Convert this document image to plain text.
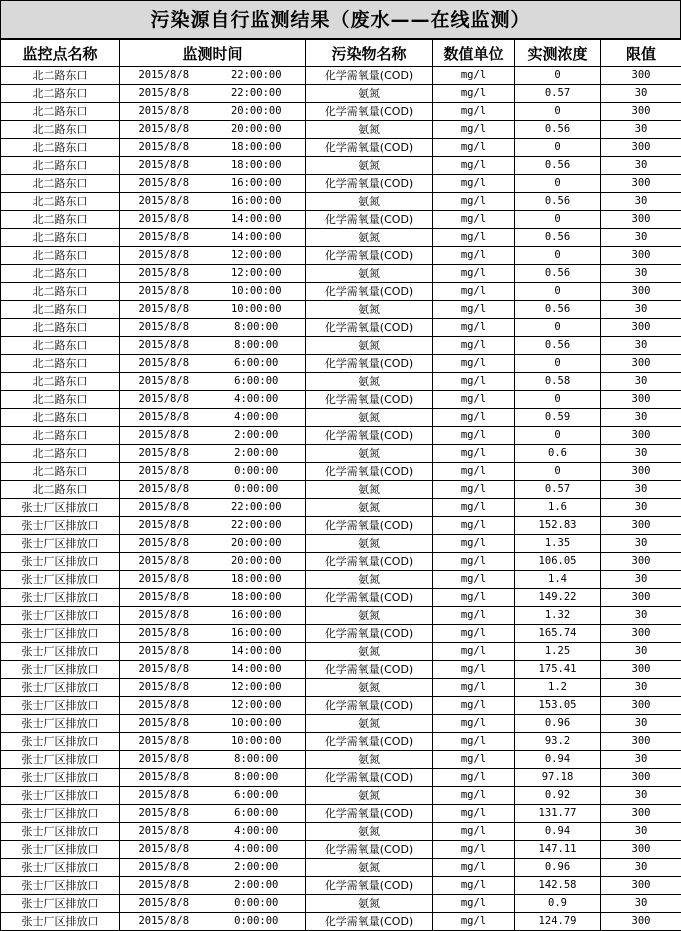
污染源自行监测结果（废水——在线监测）
监控点名称	监测时间		污染物名称	数值单位	实测浓度	限值
北二路东口	2015/8/8	22:00:00	化学需氧量(COD)	mg/l	0	300
北二路东口	2015/8/8	22:00:00	氨氮	mg/l	0.57	30
北二路东口	2015/8/8	20:00:00	化学需氧量(COD)	mg/l	0	300
北二路东口	2015/8/8	20:00:00	氨氮	mg/l	0.56	30
北二路东口	2015/8/8	18:00:00	化学需氧量(COD)	mg/l	0	300
北二路东口	2015/8/8	18:00:00	氨氮	mg/l	0.56	30
北二路东口	2015/8/8	16:00:00	化学需氧量(COD)	mg/l	0	300
北二路东口	2015/8/8	16:00:00	氨氮	mg/l	0.56	30
北二路东口	2015/8/8	14:00:00	化学需氧量(COD)	mg/l	0	300
北二路东口	2015/8/8	14:00:00	氨氮	mg/l	0.56	30
北二路东口	2015/8/8	12:00:00	化学需氧量(COD)	mg/l	0	300
北二路东口	2015/8/8	12:00:00	氨氮	mg/l	0.56	30
北二路东口	2015/8/8	10:00:00	化学需氧量(COD)	mg/l	0	300
北二路东口	2015/8/8	10:00:00	氨氮	mg/l	0.56	30
北二路东口	2015/8/8	8:00:00	化学需氧量(COD)	mg/l	0	300
北二路东口	2015/8/8	8:00:00	氨氮	mg/l	0.56	30
北二路东口	2015/8/8	6:00:00	化学需氧量(COD)	mg/l	0	300
北二路东口	2015/8/8	6:00:00	氨氮	mg/l	0.58	30
北二路东口	2015/8/8	4:00:00	化学需氧量(COD)	mg/l	0	300
北二路东口	2015/8/8	4:00:00	氨氮	mg/l	0.59	30
北二路东口	2015/8/8	2:00:00	化学需氧量(COD)	mg/l	0	300
北二路东口	2015/8/8	2:00:00	氨氮	mg/l	0.6	30
北二路东口	2015/8/8	0:00:00	化学需氧量(COD)	mg/l	0	300
北二路东口	2015/8/8	0:00:00	氨氮	mg/l	0.57	30
张士厂区排放口	2015/8/8	22:00:00	氨氮	mg/l	1.6	30
张士厂区排放口	2015/8/8	22:00:00	化学需氧量(COD)	mg/l	152.83	300
张士厂区排放口	2015/8/8	20:00:00	氨氮	mg/l	1.35	30
张士厂区排放口	2015/8/8	20:00:00	化学需氧量(COD)	mg/l	106.05	300
张士厂区排放口	2015/8/8	18:00:00	氨氮	mg/l	1.4	30
张士厂区排放口	2015/8/8	18:00:00	化学需氧量(COD)	mg/l	149.22	300
张士厂区排放口	2015/8/8	16:00:00	氨氮	mg/l	1.32	30
张士厂区排放口	2015/8/8	16:00:00	化学需氧量(COD)	mg/l	165.74	300
张士厂区排放口	2015/8/8	14:00:00	氨氮	mg/l	1.25	30
张士厂区排放口	2015/8/8	14:00:00	化学需氧量(COD)	mg/l	175.41	300
张士厂区排放口	2015/8/8	12:00:00	氨氮	mg/l	1.2	30
张士厂区排放口	2015/8/8	12:00:00	化学需氧量(COD)	mg/l	153.05	300
张士厂区排放口	2015/8/8	10:00:00	氨氮	mg/l	0.96	30
张士厂区排放口	2015/8/8	10:00:00	化学需氧量(COD)	mg/l	93.2	300
张士厂区排放口	2015/8/8	8:00:00	氨氮	mg/l	0.94	30
张士厂区排放口	2015/8/8	8:00:00	化学需氧量(COD)	mg/l	97.18	300
张士厂区排放口	2015/8/8	6:00:00	氨氮	mg/l	0.92	30
张士厂区排放口	2015/8/8	6:00:00	化学需氧量(COD)	mg/l	131.77	300
张士厂区排放口	2015/8/8	4:00:00	氨氮	mg/l	0.94	30
张士厂区排放口	2015/8/8	4:00:00	化学需氧量(COD)	mg/l	147.11	300
张士厂区排放口	2015/8/8	2:00:00	氨氮	mg/l	0.96	30
张士厂区排放口	2015/8/8	2:00:00	化学需氧量(COD)	mg/l	142.58	300
张士厂区排放口	2015/8/8	0:00:00	氨氮	mg/l	0.9	30
张士厂区排放口	2015/8/8	0:00:00	化学需氧量(COD)	mg/l	124.79	300
